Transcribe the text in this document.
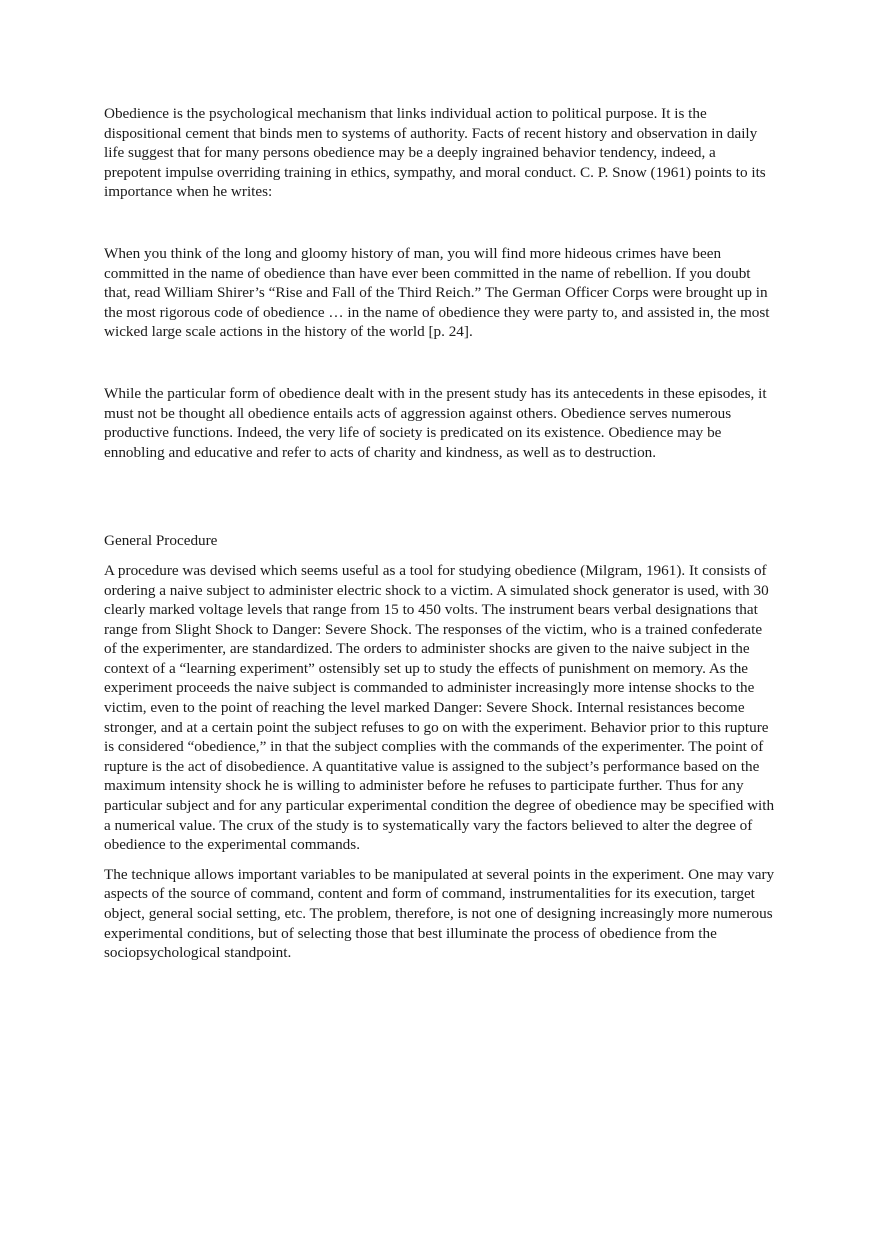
Obedience is the psychological mechanism that links individual action to political purpose. It is the dispositional cement that binds men to systems of authority. Facts of recent history and observation in daily life suggest that for many persons obedience may be a deeply ingrained behavior tendency, indeed, a prepotent impulse overriding training in ethics, sympathy, and moral conduct. C. P. Snow (1961) points to its importance when he writes:

When you think of the long and gloomy history of man, you will find more hideous crimes have been committed in the name of obedience than have ever been committed in the name of rebellion. If you doubt that, read William Shirer’s “Rise and Fall of the Third Reich.” The German Officer Corps were brought up in the most rigorous code of obedience … in the name of obedience they were party to, and assisted in, the most wicked large scale actions in the history of the world [p. 24].

While the particular form of obedience dealt with in the present study has its antecedents in these episodes, it must not be thought all obedience entails acts of aggression against others. Obedience serves numerous productive functions. Indeed, the very life of society is predicated on its existence. Obedience may be ennobling and educative and refer to acts of charity and kindness, as well as to destruction.

General Procedure

A procedure was devised which seems useful as a tool for studying obedience (Milgram, 1961). It consists of ordering a naive subject to administer electric shock to a victim. A simulated shock generator is used, with 30 clearly marked voltage levels that range from 15 to 450 volts. The instrument bears verbal designations that range from Slight Shock to Danger: Severe Shock. The responses of the victim, who is a trained confederate of the experimenter, are standardized. The orders to administer shocks are given to the naive subject in the context of a “learning experiment” ostensibly set up to study the effects of punishment on memory. As the experiment proceeds the naive subject is commanded to administer increasingly more intense shocks to the victim, even to the point of reaching the level marked Danger: Severe Shock. Internal resistances become stronger, and at a certain point the subject refuses to go on with the experiment. Behavior prior to this rupture is considered “obedience,” in that the subject complies with the commands of the experimenter. The point of rupture is the act of disobedience. A quantitative value is assigned to the subject’s performance based on the maximum intensity shock he is willing to administer before he refuses to participate further. Thus for any particular subject and for any particular experimental condition the degree of obedience may be specified with a numerical value. The crux of the study is to systematically vary the factors believed to alter the degree of obedience to the experimental commands.

The technique allows important variables to be manipulated at several points in the experiment. One may vary aspects of the source of command, content and form of command, instrumentalities for its execution, target object, general social setting, etc. The problem, therefore, is not one of designing increasingly more numerous experimental conditions, but of selecting those that best illuminate the process of obedience from the sociopsychological standpoint.
